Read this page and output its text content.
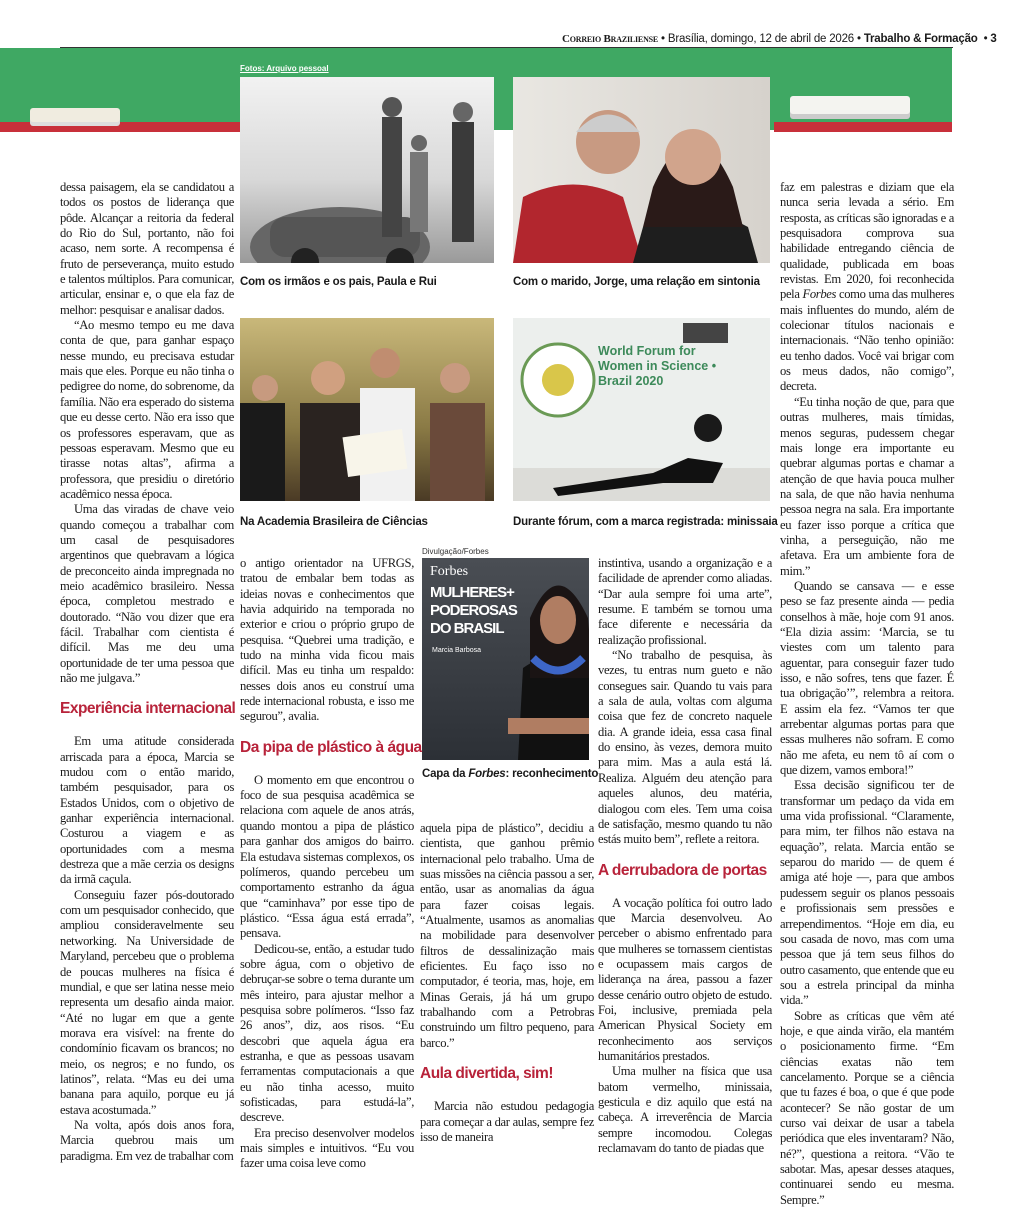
Correio Braziliense • Brasília, domingo, 12 de abril de 2026 • Trabalho & Formação  • 3
Fotos: Arquivo pessoal
Com os irmãos e os pais, Paula e Rui	Com o marido, Jorge, uma relação em sintonia
Na Academia Brasileira de Ciências
World Forum for Women in Science • Brazil 2020
Durante fórum, com a marca registrada: minissaia
Divulgação/Forbes
Forbes
MULHERES+ PODEROSAS DO BRASIL
Marcia Barbosa
Capa da Forbes: reconhecimento

dessa paisagem, ela se candidatou a todos os postos de liderança que pôde. Alcançar a reitoria da federal do Rio do Sul, portanto, não foi acaso, nem sorte. A recompensa é fruto de perseverança, muito estudo e talentos múltiplos. Para comunicar, articular, ensinar e, o que ela faz de melhor: pesquisar e analisar dados.

“Ao mesmo tempo eu me dava conta de que, para ganhar espaço nesse mundo, eu precisava estudar mais que eles. Porque eu não tinha o pedigree do nome, do sobrenome, da família. Não era esperado do sistema que eu desse certo. Não era isso que os professores esperavam, que as pessoas esperavam. Mesmo que eu tirasse notas altas”, afirma a professora, que presidiu o diretório acadêmico nessa época.

Uma das viradas de chave veio quando começou a trabalhar com um casal de pesquisadores argentinos que quebravam a lógica de preconceito ainda impregnada no meio acadêmico brasileiro. Nessa época, completou mestrado e doutorado. “Não vou dizer que era fácil. Trabalhar com cientista é difícil. Mas me deu uma oportunidade de ter uma pessoa que não me julgava.”

Experiência internacional

Em uma atitude considerada arriscada para a época, Marcia se mudou com o então marido, também pesquisador, para os Estados Unidos, com o objetivo de ganhar experiência internacional. Costurou a viagem e as oportunidades com a mesma destreza que a mãe cerzia os designs da irmã caçula.

Conseguiu fazer pós-doutorado com um pesquisador conhecido, que ampliou consideravelmente seu networking. Na Universidade de Maryland, percebeu que o problema de poucas mulheres na física é mundial, e que ser latina nesse meio representa um desafio ainda maior. “Até no lugar em que a gente morava era visível: na frente do condomínio ficavam os brancos; no meio, os negros; e no fundo, os latinos”, relata. “Mas eu dei uma banana para aquilo, porque eu já estava acostumada.”

Na volta, após dois anos fora, Marcia quebrou mais um paradigma. Em vez de trabalhar com

o antigo orientador na UFRGS, tratou de embalar bem todas as ideias novas e conhecimentos que havia adquirido na temporada no exterior e criou o próprio grupo de pesquisa. “Quebrei uma tradição, e tudo na minha vida ficou mais difícil. Mas eu tinha um respaldo: nesses dois anos eu construí uma rede internacional robusta, e isso me segurou”, avalia.

Da pipa de plástico à água

O momento em que encontrou o foco de sua pesquisa acadêmica se relaciona com aquele de anos atrás, quando montou a pipa de plástico para ganhar dos amigos do bairro. Ela estudava sistemas complexos, os polímeros, quando percebeu um comportamento estranho da água que “caminhava” por esse tipo de plástico. “Essa água está errada”, pensava.

Dedicou-se, então, a estudar tudo sobre água, com o objetivo de debruçar-se sobre o tema durante um mês inteiro, para ajustar melhor a pesquisa sobre polímeros. “Isso faz 26 anos”, diz, aos risos. “Eu descobri que aquela água era estranha, e que as pessoas usavam ferramentas computacionais a que eu não tinha acesso, muito sofisticadas, para estudá-la”, descreve.

Era preciso desenvolver modelos mais simples e intuitivos. “Eu vou fazer uma coisa leve como

aquela pipa de plástico”, decidiu a cientista, que ganhou prêmio internacional pelo trabalho. Uma de suas missões na ciência passou a ser, então, usar as anomalias da água para fazer coisas legais. “Atualmente, usamos as anomalias na mobilidade para desenvolver filtros de dessalinização mais eficientes. Eu faço isso no computador, é teoria, mas, hoje, em Minas Gerais, já há um grupo trabalhando com a Petrobras construindo um filtro pequeno, para barco.”

Aula divertida, sim!

Marcia não estudou pedagogia para começar a dar aulas, sempre fez isso de maneira

instintiva, usando a organização e a facilidade de aprender como aliadas. “Dar aula sempre foi uma arte”, resume. E também se tornou uma face diferente e necessária da realização profissional.

“No trabalho de pesquisa, às vezes, tu entras num gueto e não consegues sair. Quando tu vais para a sala de aula, voltas com alguma coisa que fez de concreto naquele dia. A grande ideia, essa casa final do ensino, às vezes, demora muito para mim. Mas a aula está lá. Realiza. Alguém deu atenção para aqueles alunos, deu matéria, dialogou com eles. Tem uma coisa de satisfação, mesmo quando tu não estás muito bem”, reflete a reitora.

A derrubadora de portas

A vocação política foi outro lado que Marcia desenvolveu. Ao perceber o abismo enfrentado para que mulheres se tornassem cientistas e ocupassem mais cargos de liderança na área, passou a fazer desse cenário outro objeto de estudo. Foi, inclusive, premiada pela American Physical Society em reconhecimento aos serviços humanitários prestados.

Uma mulher na física que usa batom vermelho, minissaia, gesticula e diz aquilo que está na cabeça. A irreverência de Marcia sempre incomodou. Colegas reclamavam do tanto de piadas que

faz em palestras e diziam que ela nunca seria levada a sério. Em resposta, as críticas são ignoradas e a pesquisadora comprova sua habilidade entregando ciência de qualidade, publicada em boas revistas. Em 2020, foi reconhecida pela Forbes como uma das mulheres mais influentes do mundo, além de colecionar títulos nacionais e internacionais. “Não tenho opinião: eu tenho dados. Você vai brigar com os meus dados, não comigo”, decreta.

“Eu tinha noção de que, para que outras mulheres, mais tímidas, menos seguras, pudessem chegar mais longe era importante eu quebrar algumas portas e chamar a atenção de que havia pouca mulher na sala, de que não havia nenhuma pessoa negra na sala. Era importante eu fazer isso porque a crítica que vinha, a perseguição, não me afetava. Era um ambiente fora de mim.”

Quando se cansava — e esse peso se faz presente ainda — pedia conselhos à mãe, hoje com 91 anos. “Ela dizia assim: ‘Marcia, se tu viestes com um talento para aguentar, para conseguir fazer tudo isso, e não sofres, tens que fazer. É tua obrigação’”, relembra a reitora. E assim ela fez. “Vamos ter que arrebentar algumas portas para que essas mulheres não sofram. E como não me afeta, eu nem tô aí com o que dizem, vamos embora!”

Essa decisão significou ter de transformar um pedaço da vida em uma vida profissional. “Claramente, para mim, ter filhos não estava na equação”, relata. Marcia então se separou do marido — de quem é amiga até hoje —, para que ambos pudessem seguir os planos pessoais e profissionais sem pressões e arrependimentos. “Hoje em dia, eu sou casada de novo, mas com uma pessoa que já tem seus filhos do outro casamento, que entende que eu sou a estrela principal da minha vida.”

Sobre as críticas que vêm até hoje, e que ainda virão, ela mantém o posicionamento firme. “Em ciências exatas não tem cancelamento. Porque se a ciência que tu fazes é boa, o que é que pode acontecer? Se não gostar de um curso vai deixar de usar a tabela periódica que eles inventaram? Não, né?”, questiona a reitora. “Vão te sabotar. Mas, apesar desses ataques, continuarei sendo eu mesma. Sempre.”
